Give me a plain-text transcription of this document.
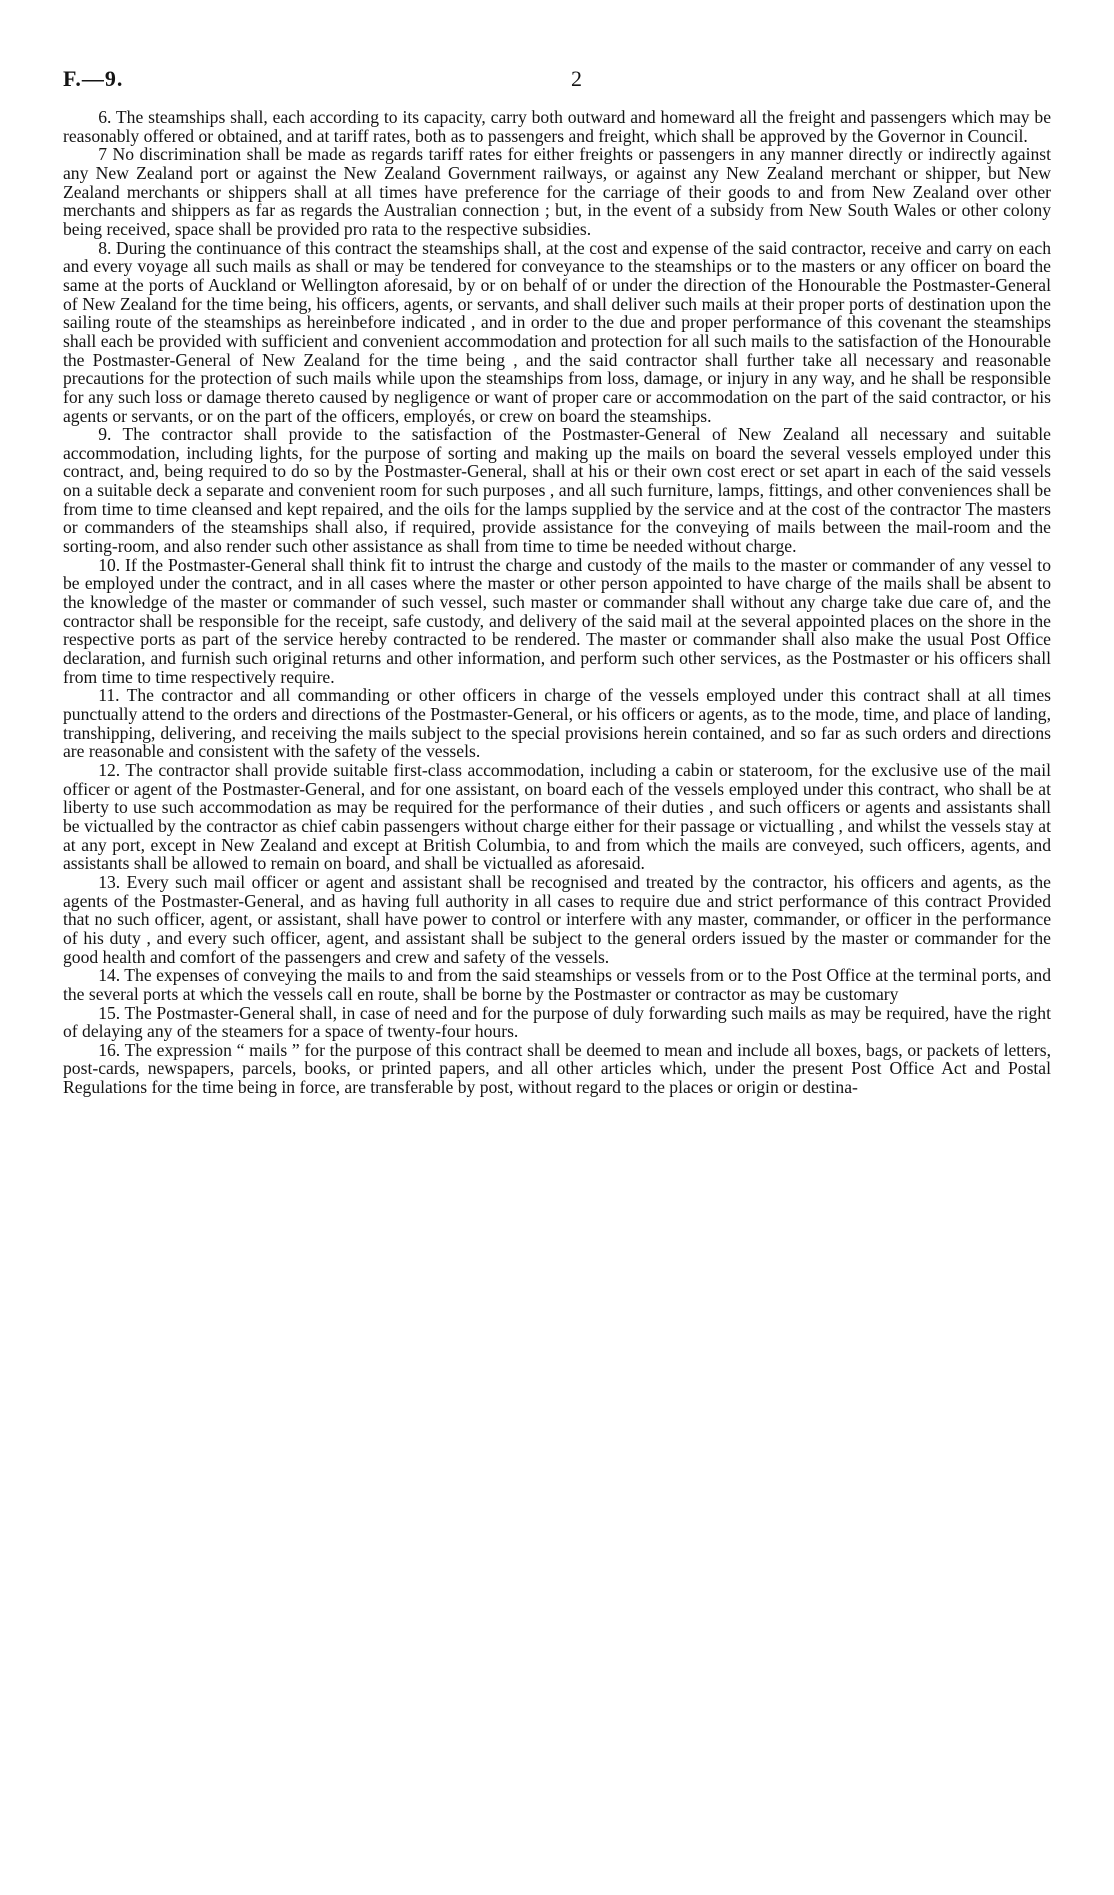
F.—9.	2

6. The steamships shall, each according to its capacity, carry both outward and homeward all the freight and passengers which may be reasonably offered or obtained, and at tariff rates, both as to passengers and freight, which shall be approved by the Governor in Council.

7 No discrimination shall be made as regards tariff rates for either freights or passengers in any manner directly or indirectly against any New Zealand port or against the New Zealand Government railways, or against any New Zealand merchant or shipper, but New Zealand merchants or shippers shall at all times have preference for the carriage of their goods to and from New Zealand over other merchants and shippers as far as regards the Australian connection ; but, in the event of a subsidy from New South Wales or other colony being received, space shall be provided pro rata to the respective subsidies.

8. During the continuance of this contract the steamships shall, at the cost and expense of the said contractor, receive and carry on each and every voyage all such mails as shall or may be tendered for conveyance to the steamships or to the masters or any officer on board the same at the ports of Auckland or Wellington aforesaid, by or on behalf of or under the direction of the Honourable the Postmaster-General of New Zealand for the time being, his officers, agents, or servants, and shall deliver such mails at their proper ports of destination upon the sailing route of the steamships as hereinbefore indicated , and in order to the due and proper performance of this covenant the steamships shall each be provided with sufficient and convenient accommodation and protection for all such mails to the satisfaction of the Honourable the Postmaster-General of New Zealand for the time being , and the said contractor shall further take all necessary and reasonable precautions for the protection of such mails while upon the steamships from loss, damage, or injury in any way, and he shall be responsible for any such loss or damage thereto caused by negligence or want of proper care or accommodation on the part of the said contractor, or his agents or servants, or on the part of the officers, employés, or crew on board the steamships.

9. The contractor shall provide to the satisfaction of the Postmaster-General of New Zealand all necessary and suitable accommodation, including lights, for the purpose of sorting and making up the mails on board the several vessels employed under this contract, and, being required to do so by the Postmaster-General, shall at his or their own cost erect or set apart in each of the said vessels on a suitable deck a separate and convenient room for such purposes , and all such furniture, lamps, fittings, and other conveniences shall be from time to time cleansed and kept repaired, and the oils for the lamps supplied by the service and at the cost of the contractor The masters or commanders of the steamships shall also, if required, provide assistance for the conveying of mails between the mail-room and the sorting-room, and also render such other assistance as shall from time to time be needed without charge.

10. If the Postmaster-General shall think fit to intrust the charge and custody of the mails to the master or commander of any vessel to be employed under the contract, and in all cases where the master or other person appointed to have charge of the mails shall be absent to the knowledge of the master or commander of such vessel, such master or commander shall without any charge take due care of, and the contractor shall be responsible for the receipt, safe custody, and delivery of the said mail at the several appointed places on the shore in the respective ports as part of the service hereby contracted to be rendered. The master or commander shall also make the usual Post Office declaration, and furnish such original returns and other information, and perform such other services, as the Postmaster or his officers shall from time to time respectively require.

11. The contractor and all commanding or other officers in charge of the vessels employed under this contract shall at all times punctually attend to the orders and directions of the Postmaster-General, or his officers or agents, as to the mode, time, and place of landing, transhipping, delivering, and receiving the mails subject to the special provisions herein contained, and so far as such orders and directions are reasonable and consistent with the safety of the vessels.

12. The contractor shall provide suitable first-class accommodation, including a cabin or stateroom, for the exclusive use of the mail officer or agent of the Postmaster-General, and for one assistant, on board each of the vessels employed under this contract, who shall be at liberty to use such accommodation as may be required for the performance of their duties , and such officers or agents and assistants shall be victualled by the contractor as chief cabin passengers without charge either for their passage or victualling , and whilst the vessels stay at at any port, except in New Zealand and except at British Columbia, to and from which the mails are conveyed, such officers, agents, and assistants shall be allowed to remain on board, and shall be victualled as aforesaid.

13. Every such mail officer or agent and assistant shall be recognised and treated by the contractor, his officers and agents, as the agents of the Postmaster-General, and as having full authority in all cases to require due and strict performance of this contract Provided that no such officer, agent, or assistant, shall have power to control or interfere with any master, commander, or officer in the performance of his duty , and every such officer, agent, and assistant shall be subject to the general orders issued by the master or commander for the good health and comfort of the passengers and crew and safety of the vessels.

14. The expenses of conveying the mails to and from the said steamships or vessels from or to the Post Office at the terminal ports, and the several ports at which the vessels call en route, shall be borne by the Postmaster or contractor as may be customary

15. The Postmaster-General shall, in case of need and for the purpose of duly forwarding such mails as may be required, have the right of delaying any of the steamers for a space of twenty-four hours.

16. The expression “ mails ” for the purpose of this contract shall be deemed to mean and include all boxes, bags, or packets of letters, post-cards, newspapers, parcels, books, or printed papers, and all other articles which, under the present Post Office Act and Postal Regulations for the time being in force, are transferable by post, without regard to the places or origin or destina-
